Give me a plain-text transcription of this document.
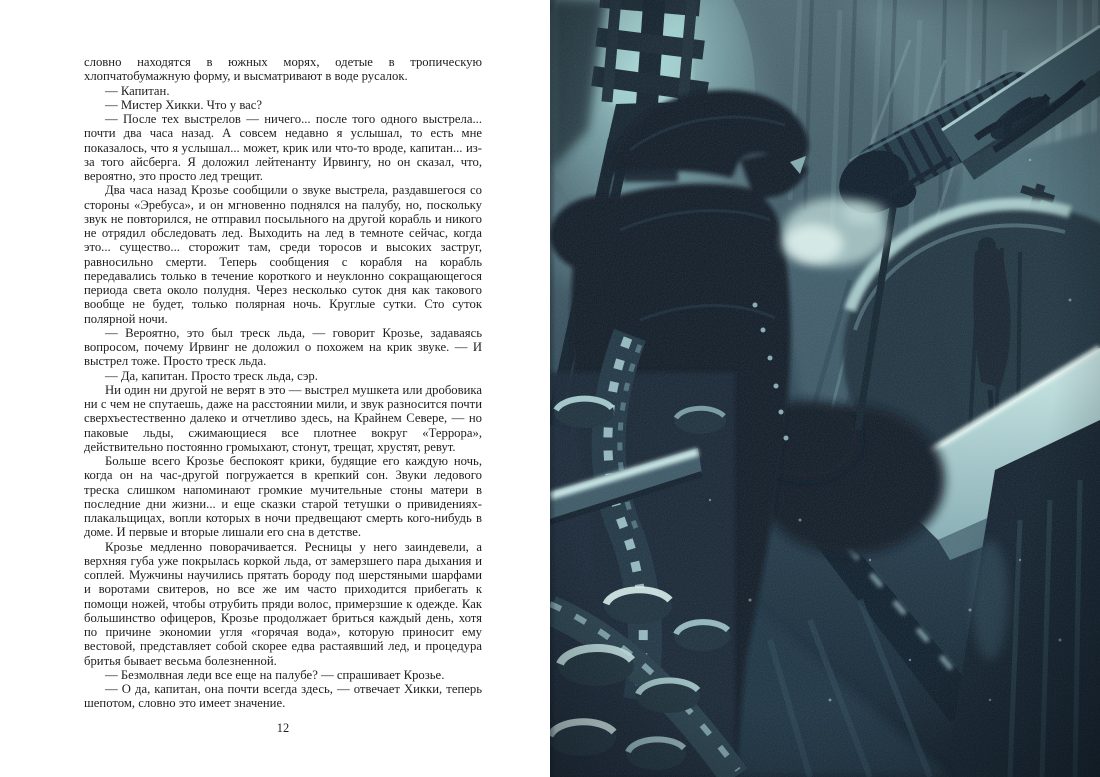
словно находятся в южных морях, одетые в тропическую хлопчатобумажную форму, и высматривают в воде русалок.

— Капитан.

— Мистер Хикки. Что у вас?

— После тех выстрелов — ничего... после того одного выстрела... почти два часа назад. А совсем недавно я услышал, то есть мне показалось, что я услышал... может, крик или что-то вроде, капитан... из-за того айсберга. Я доложил лейтенанту Ирвингу, но он сказал, что, вероятно, это просто лед трещит.

Два часа назад Крозье сообщили о звуке выстрела, раздавшегося со стороны «Эребуса», и он мгновенно поднялся на палубу, но, поскольку звук не повторился, не отправил посыльного на другой корабль и никого не отрядил обследовать лед. Выходить на лед в темноте сейчас, когда это... существо... сторожит там, среди торосов и высоких заструг, равносильно смерти. Теперь сообщения с корабля на корабль передавались только в течение короткого и неуклонно сокращающегося периода света около полудня. Через несколько суток дня как такового вообще не будет, только полярная ночь. Круглые сутки. Сто суток полярной ночи.

— Вероятно, это был треск льда, — говорит Крозье, задаваясь вопросом, почему Ирвинг не доложил о похожем на крик звуке. — И выстрел тоже. Просто треск льда.

— Да, капитан. Просто треск льда, сэр.

Ни один ни другой не верят в это — выстрел мушкета или дробовика ни с чем не спутаешь, даже на расстоянии мили, и звук разносится почти сверхъестественно далеко и отчетливо здесь, на Крайнем Севере, — но паковые льды, сжимающиеся все плотнее вокруг «Террора», действительно постоянно громыхают, стонут, трещат, хрустят, ревут.

Больше всего Крозье беспокоят крики, будящие его каждую ночь, когда он на час-другой погружается в крепкий сон. Звуки ледового треска слишком напоминают громкие мучительные стоны матери в последние дни жизни... и еще сказки старой тетушки о привидениях-плакальщицах, вопли которых в ночи предвещают смерть кого-нибудь в доме. И первые и вторые лишали его сна в детстве.

Крозье медленно поворачивается. Ресницы у него заиндевели, а верхняя губа уже покрылась коркой льда, от замерзшего пара дыхания и соплей. Мужчины научились прятать бороду под шерстяными шарфами и воротами свитеров, но все же им часто приходится прибегать к помощи ножей, чтобы отрубить пряди волос, примерзшие к одежде. Как большинство офицеров, Крозье продолжает бриться каждый день, хотя по причине экономии угля «горячая вода», которую приносит ему вестовой, представляет собой скорее едва растаявший лед, и процедура бритья бывает весьма болезненной.

— Безмолвная леди все еще на палубе? — спрашивает Крозье.

— О да, капитан, она почти всегда здесь, — отвечает Хикки, теперь шепотом, словно это имеет значение.

12
